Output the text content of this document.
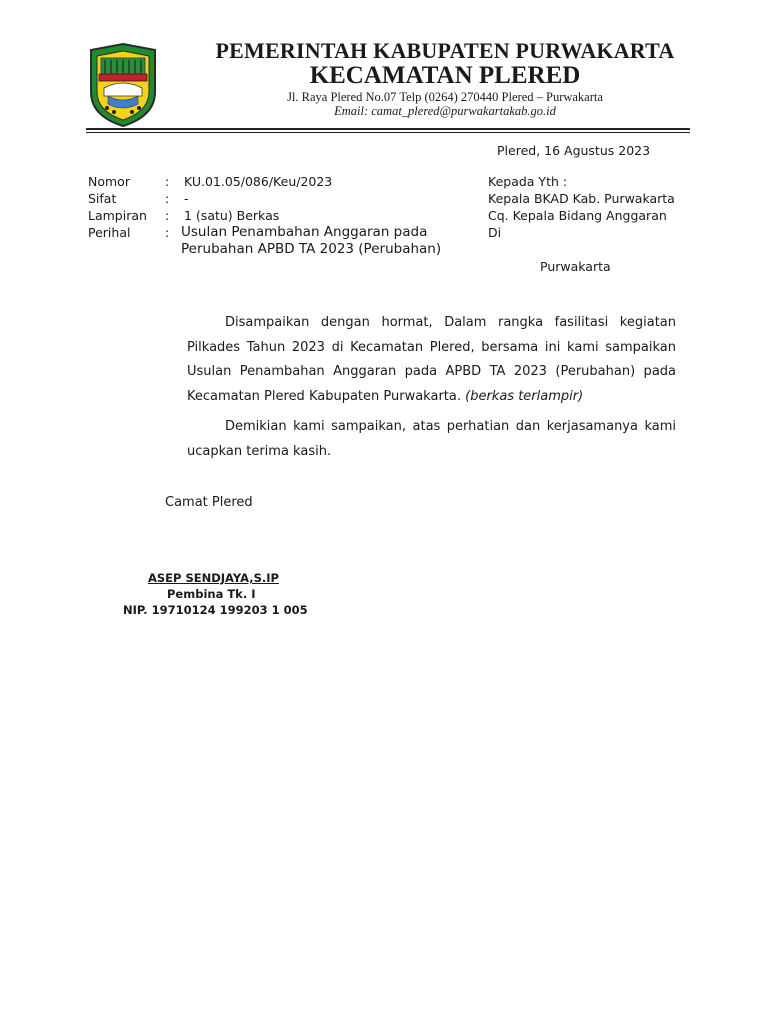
PEMERINTAH KABUPATEN PURWAKARTA
KECAMATAN PLERED
Jl. Raya Plered No.07 Telp (0264) 270440 Plered – Purwakarta
Email: camat_plered@purwakartakab.go.id
Plered, 16 Agustus 2023
Nomor	: KU.01.05/086/Keu/2023
Sifat	: -
Lampiran : 1 (satu) Berkas
Perihal	: Usulan Penambahan Anggaran pada
Perubahan APBD TA 2023 (Perubahan)
Kepada Yth :
Kepala BKAD Kab. Purwakarta
Cq. Kepala Bidang Anggaran
Di
Purwakarta
Disampaikan dengan hormat, Dalam rangka fasilitasi kegiatan Pilkades Tahun 2023 di Kecamatan Plered, bersama ini kami sampaikan Usulan Penambahan Anggaran pada APBD TA 2023 (Perubahan) pada Kecamatan Plered Kabupaten Purwakarta. (berkas terlampir)
Demikian kami sampaikan, atas perhatian dan kerjasamanya kami ucapkan terima kasih.
Camat Plered
ASEP SENDJAYA,S.IP
Pembina Tk. I
NIP. 19710124 199203 1 005
